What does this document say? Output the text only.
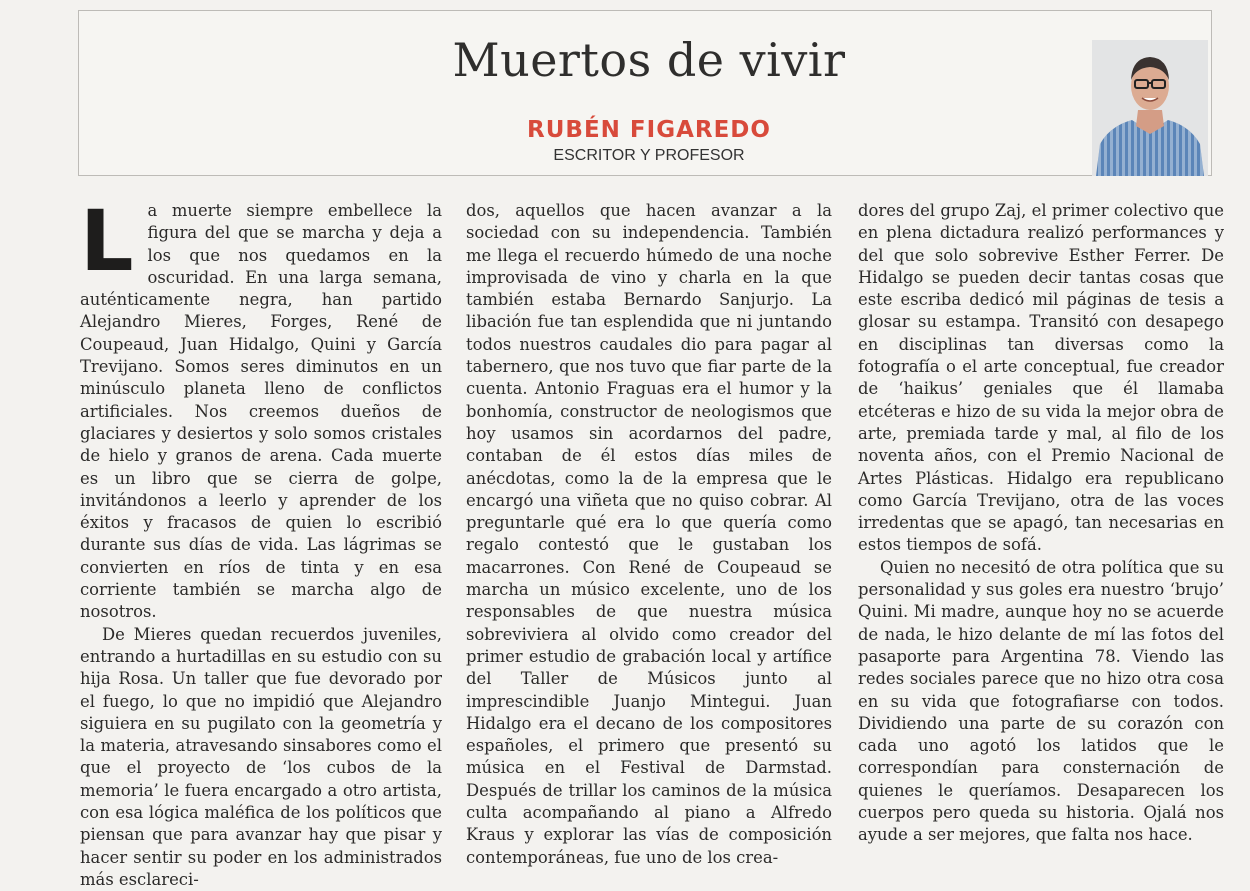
Muertos de vivir
RUBÉN FIGAREDO
ESCRITOR Y PROFESOR

La muerte siempre embellece la figura del que se marcha y deja a los que nos quedamos en la oscuridad. En una larga semana, auténticamente negra, han partido Alejandro Mieres, Forges, René de Coupeaud, Juan Hidalgo, Quini y García Trevijano. Somos seres diminutos en un minúsculo planeta lleno de conflictos artificiales. Nos creemos dueños de glaciares y desiertos y solo somos cristales de hielo y granos de arena. Cada muerte es un libro que se cierra de golpe, invitándonos a leerlo y aprender de los éxitos y fracasos de quien lo escribió durante sus días de vida. Las lágrimas se convierten en ríos de tinta y en esa corriente también se marcha algo de nosotros.

De Mieres quedan recuerdos juveniles, entrando a hurtadillas en su estudio con su hija Rosa. Un taller que fue devorado por el fuego, lo que no impidió que Alejandro siguiera en su pugilato con la geometría y la materia, atravesando sinsabores como el que el proyecto de ‘los cubos de la memoria’ le fuera encargado a otro artista, con esa lógica maléfica de los políticos que piensan que para avanzar hay que pisar y hacer sentir su poder en los administrados más esclareci-

dos, aquellos que hacen avanzar a la sociedad con su independencia. También me llega el recuerdo húmedo de una noche improvisada de vino y charla en la que también estaba Bernardo Sanjurjo. La libación fue tan esplendida que ni juntando todos nuestros caudales dio para pagar al tabernero, que nos tuvo que fiar parte de la cuenta. Antonio Fraguas era el humor y la bonhomía, constructor de neologismos que hoy usamos sin acordarnos del padre, contaban de él estos días miles de anécdotas, como la de la empresa que le encargó una viñeta que no quiso cobrar. Al preguntarle qué era lo que quería como regalo contestó que le gustaban los macarrones. Con René de Coupeaud se marcha un músico excelente, uno de los responsables de que nuestra música sobreviviera al olvido como creador del primer estudio de grabación local y artífice del Taller de Músicos junto al imprescindible Juanjo Mintegui. Juan Hidalgo era el decano de los compositores españoles, el primero que presentó su música en el Festival de Darmstad. Después de trillar los caminos de la música culta acompañando al piano a Alfredo Kraus y explorar las vías de composición contemporáneas, fue uno de los crea-

dores del grupo Zaj, el primer colectivo que en plena dictadura realizó performances y del que solo sobrevive Esther Ferrer. De Hidalgo se pueden decir tantas cosas que este escriba dedicó mil páginas de tesis a glosar su estampa. Transitó con desapego en disciplinas tan diversas como la fotografía o el arte conceptual, fue creador de ‘haikus’ geniales que él llamaba etcéteras e hizo de su vida la mejor obra de arte, premiada tarde y mal, al filo de los noventa años, con el Premio Nacional de Artes Plásticas. Hidalgo era republicano como García Trevijano, otra de las voces irredentas que se apagó, tan necesarias en estos tiempos de sofá.

Quien no necesitó de otra política que su personalidad y sus goles era nuestro ‘brujo’ Quini. Mi madre, aunque hoy no se acuerde de nada, le hizo delante de mí las fotos del pasaporte para Argentina 78. Viendo las redes sociales parece que no hizo otra cosa en su vida que fotografiarse con todos. Dividiendo una parte de su corazón con cada uno agotó los latidos que le correspondían para consternación de quienes le queríamos. Desaparecen los cuerpos pero queda su historia. Ojalá nos ayude a ser mejores, que falta nos hace.
